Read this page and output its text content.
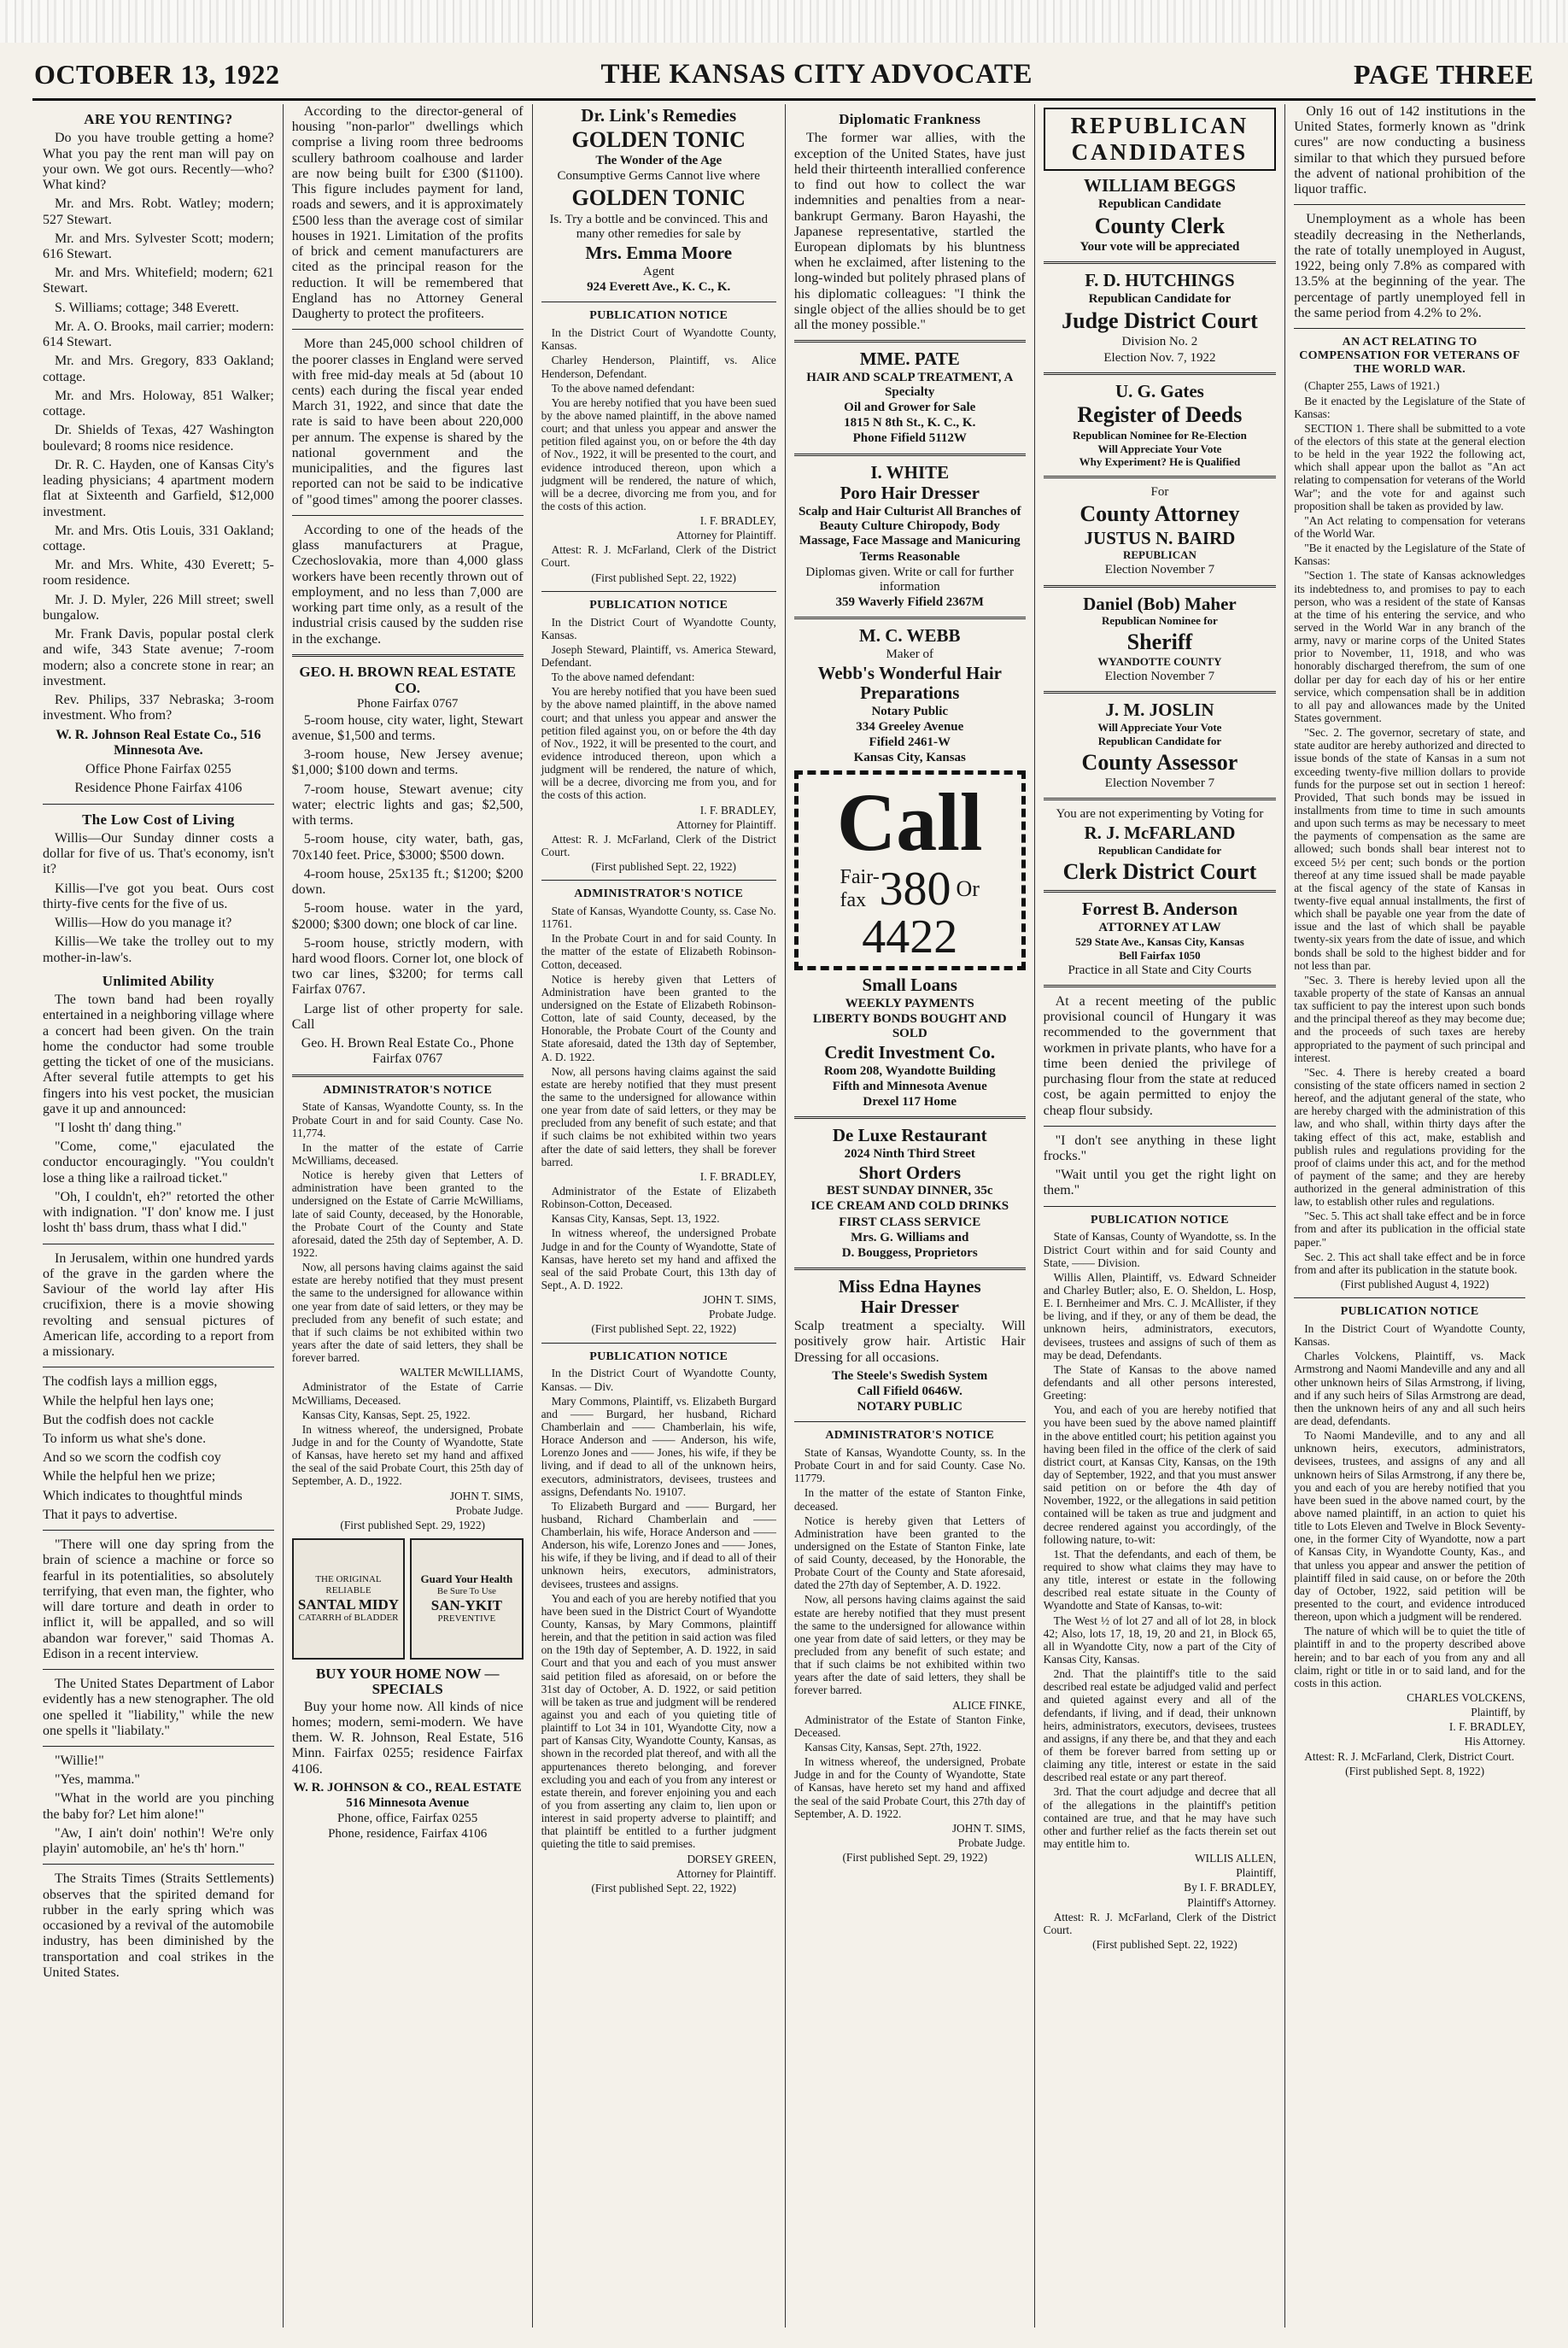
OCTOBER 13, 1922	THE KANSAS CITY ADVOCATE	PAGE THREE
ARE YOU RENTING?

Do you have trouble getting a home? What you pay the rent man will pay on your own. We got ours. Recently—who? What kind?

Mr. and Mrs. Robt. Watley; modern; 527 Stewart.

Mr. and Mrs. Sylvester Scott; modern; 616 Stewart.

Mr. and Mrs. Whitefield; modern; 621 Stewart.

S. Williams; cottage; 348 Everett.

Mr. A. O. Brooks, mail carrier; modern: 614 Stewart.

Mr. and Mrs. Gregory, 833 Oakland; cottage.

Mr. and Mrs. Holoway, 851 Walker; cottage.

Dr. Shields of Texas, 427 Washington boulevard; 8 rooms nice residence.

Dr. R. C. Hayden, one of Kansas City's leading physicians; 4 apartment modern flat at Sixteenth and Garfield, $12,000 investment.

Mr. and Mrs. Otis Louis, 331 Oakland; cottage.

Mr. and Mrs. White, 430 Everett; 5-room residence.

Mr. J. D. Myler, 226 Mill street; swell bungalow.

Mr. Frank Davis, popular postal clerk and wife, 343 State avenue; 7-room modern; also a concrete stone in rear; an investment.

Rev. Philips, 337 Nebraska; 3-room investment. Who from?

W. R. Johnson Real Estate Co., 516 Minnesota Ave.

Office Phone Fairfax 0255

Residence Phone Fairfax 4106

The Low Cost of Living

Willis—Our Sunday dinner costs a dollar for five of us. That's economy, isn't it?

Killis—I've got you beat. Ours cost thirty-five cents for the five of us.

Willis—How do you manage it?

Killis—We take the trolley out to my mother-in-law's.

Unlimited Ability

The town band had been royally entertained in a neighboring village where a concert had been given. On the train home the conductor had some trouble getting the ticket of one of the musicians. After several futile attempts to get his fingers into his vest pocket, the musician gave it up and announced:

"I losht th' dang thing."

"Come, come," ejaculated the conductor encouragingly. "You couldn't lose a thing like a railroad ticket."

"Oh, I couldn't, eh?" retorted the other with indignation. "I' don' know me. I just losht th' bass drum, thass what I did."

In Jerusalem, within one hundred yards of the grave in the garden where the Saviour of the world lay after His crucifixion, there is a movie showing revolting and sensual pictures of American life, according to a report from a missionary.

The codfish lays a million eggs,

While the helpful hen lays one;

But the codfish does not cackle

To inform us what she's done.

And so we scorn the codfish coy

While the helpful hen we prize;

Which indicates to thoughtful minds

That it pays to advertise.

"There will one day spring from the brain of science a machine or force so fearful in its potentialities, so absolutely terrifying, that even man, the fighter, who will dare torture and death in order to inflict it, will be appalled, and so will abandon war forever," said Thomas A. Edison in a recent interview.

The United States Department of Labor evidently has a new stenographer. The old one spelled it "liability," while the new one spells it "liabilaty."

"Willie!"

"Yes, mamma."

"What in the world are you pinching the baby for? Let him alone!"

"Aw, I ain't doin' nothin'! We're only playin' automobile, an' he's th' horn."

The Straits Times (Straits Settlements) observes that the spirited demand for rubber in the early spring which was occasioned by a revival of the automobile industry, has been diminished by the transportation and coal strikes in the United States.

According to the director-general of housing "non-parlor" dwellings which comprise a living room three bedrooms scullery bathroom coalhouse and larder are now being built for £300 ($1100). This figure includes payment for land, roads and sewers, and it is approximately £500 less than the average cost of similar houses in 1921. Limitation of the profits of brick and cement manufacturers are cited as the principal reason for the reduction. It will be remembered that England has no Attorney General Daugherty to protect the profiteers.

More than 245,000 school children of the poorer classes in England were served with free mid-day meals at 5d (about 10 cents) each during the fiscal year ended March 31, 1922, and since that date the rate is said to have been about 220,000 per annum. The expense is shared by the national government and the municipalities, and the figures last reported can not be said to be indicative of "good times" among the poorer classes.

According to one of the heads of the glass manufacturers at Prague, Czechoslovakia, more than 4,000 glass workers have been recently thrown out of employment, and no less than 7,000 are working part time only, as a result of the industrial crisis caused by the sudden rise in the exchange.

GEO. H. BROWN REAL ESTATE CO.
Phone Fairfax 0767

5-room house, city water, light, Stewart avenue, $1,500 and terms.

3-room house, New Jersey avenue; $1,000; $100 down and terms.

7-room house, Stewart avenue; city water; electric lights and gas; $2,500, with terms.

5-room house, city water, bath, gas, 70x140 feet. Price, $3000; $500 down.

4-room house, 25x135 ft.; $1200; $200 down.

5-room house. water in the yard, $2000; $300 down; one block of car line.

5-room house, strictly modern, with hard wood floors. Corner lot, one block of two car lines, $3200; for terms call Fairfax 0767.

Large list of other property for sale. Call

Geo. H. Brown Real Estate Co., Phone Fairfax 0767

ADMINISTRATOR'S NOTICE

State of Kansas, Wyandotte County, ss. In the Probate Court in and for said County. Case No. 11,774.

In the matter of the estate of Carrie McWilliams, deceased.

Notice is hereby given that Letters of administration have been granted to the undersigned on the Estate of Carrie McWilliams, late of said County, deceased, by the Honorable, the Probate Court of the County and State aforesaid, dated the 25th day of September, A. D. 1922.

Now, all persons having claims against the said estate are hereby notified that they must present the same to the undersigned for allowance within one year from date of said letters, or they may be precluded from any benefit of such estate; and that if such claims be not exhibited within two years after the date of said letters, they shall be forever barred.

WALTER McWILLIAMS,

Administrator of the Estate of Carrie McWilliams, Deceased.

Kansas City, Kansas, Sept. 25, 1922.

In witness whereof, the undersigned, Probate Judge in and for the County of Wyandotte, State of Kansas, have hereto set my hand and affixed the seal of the said Probate Court, this 25th day of September, A. D., 1922.

JOHN T. SIMS,

Probate Judge.

(First published Sept. 29, 1922)

THE ORIGINAL RELIABLE
SANTAL MIDY
CATARRH of BLADDER
Guard Your Health
Be Sure To Use
SAN-YKIT
PREVENTIVE
BUY YOUR HOME NOW — SPECIALS

Buy your home now. All kinds of nice homes; modern, semi-modern. We have them. W. R. Johnson, Real Estate, 516 Minn. Fairfax 0255; residence Fairfax 4106.

W. R. JOHNSON & CO., REAL ESTATE
516 Minnesota Avenue
Phone, office, Fairfax 0255
Phone, residence, Fairfax 4106
Dr. Link's Remedies
GOLDEN TONIC
The Wonder of the Age
Consumptive Germs Cannot live where
GOLDEN TONIC
Is. Try a bottle and be convinced. This and many other remedies for sale by
Mrs. Emma Moore
Agent
924 Everett Ave., K. C., K.
PUBLICATION NOTICE

In the District Court of Wyandotte County, Kansas.

Charley Henderson, Plaintiff, vs. Alice Henderson, Defendant.

To the above named defendant:

You are hereby notified that you have been sued by the above named plaintiff, in the above named court; and that unless you appear and answer the petition filed against you, on or before the 4th day of Nov., 1922, it will be presented to the court, and evidence introduced thereon, upon which a judgment will be rendered, the nature of which, will be a decree, divorcing me from you, and for the costs of this action.

I. F. BRADLEY,

Attorney for Plaintiff.

Attest: R. J. McFarland, Clerk of the District Court.

(First published Sept. 22, 1922)

PUBLICATION NOTICE

In the District Court of Wyandotte County, Kansas.

Joseph Steward, Plaintiff, vs. America Steward, Defendant.

To the above named defendant:

You are hereby notified that you have been sued by the above named plaintiff, in the above named court; and that unless you appear and answer the petition filed against you, on or before the 4th day of Nov., 1922, it will be presented to the court, and evidence introduced thereon, upon which a judgment will be rendered, the nature of which, will be a decree, divorcing me from you, and for the costs of this action.

I. F. BRADLEY,

Attorney for Plaintiff.

Attest: R. J. McFarland, Clerk of the District Court.

(First published Sept. 22, 1922)

ADMINISTRATOR'S NOTICE

State of Kansas, Wyandotte County, ss. Case No. 11761.

In the Probate Court in and for said County. In the matter of the estate of Elizabeth Robinson-Cotton, deceased.

Notice is hereby given that Letters of Administration have been granted to the undersigned on the Estate of Elizabeth Robinson-Cotton, late of said County, deceased, by the Honorable, the Probate Court of the County and State aforesaid, dated the 13th day of September, A. D. 1922.

Now, all persons having claims against the said estate are hereby notified that they must present the same to the undersigned for allowance within one year from date of said letters, or they may be precluded from any benefit of such estate; and that if such claims be not exhibited within two years after the date of said letters, they shall be forever barred.

I. F. BRADLEY,

Administrator of the Estate of Elizabeth Robinson-Cotton, Deceased.

Kansas City, Kansas, Sept. 13, 1922.

In witness whereof, the undersigned Probate Judge in and for the County of Wyandotte, State of Kansas, have hereto set my hand and affixed the seal of the said Probate Court, this 13th day of Sept., A. D. 1922.

JOHN T. SIMS,

Probate Judge.

(First published Sept. 22, 1922)

PUBLICATION NOTICE

In the District Court of Wyandotte County, Kansas. — Div.

Mary Commons, Plaintiff, vs. Elizabeth Burgard and —— Burgard, her husband, Richard Chamberlain and —— Chamberlain, his wife, Horace Anderson and —— Anderson, his wife, Lorenzo Jones and —— Jones, his wife, if they be living, and if dead to all of the unknown heirs, executors, administrators, devisees, trustees and assigns, Defendants No. 19107.

To Elizabeth Burgard and —— Burgard, her husband, Richard Chamberlain and —— Chamberlain, his wife, Horace Anderson and —— Anderson, his wife, Lorenzo Jones and —— Jones, his wife, if they be living, and if dead to all of their unknown heirs, executors, administrators, devisees, trustees and assigns.

You and each of you are hereby notified that you have been sued in the District Court of Wyandotte County, Kansas, by Mary Commons, plaintiff herein, and that the petition in said action was filed on the 19th day of September, A. D. 1922, in said Court and that you and each of you must answer said petition filed as aforesaid, on or before the 31st day of October, A. D. 1922, or said petition will be taken as true and judgment will be rendered against you and each of you quieting title of plaintiff to Lot 34 in 101, Wyandotte City, now a part of Kansas City, Wyandotte County, Kansas, as shown in the recorded plat thereof, and with all the appurtenances thereto belonging, and forever excluding you and each of you from any interest or estate therein, and forever enjoining you and each of you from asserting any claim to, lien upon or interest in said property adverse to plaintiff; and that plaintiff be entitled to a further judgment quieting the title to said premises.

DORSEY GREEN,

Attorney for Plaintiff.

(First published Sept. 22, 1922)

Diplomatic Frankness

The former war allies, with the exception of the United States, have just held their thirteenth interallied conference to find out how to collect the war indemnities and penalties from a near-bankrupt Germany. Baron Hayashi, the Japanese representative, startled the European diplomats by his bluntness when he exclaimed, after listening to the long-winded but politely phrased plans of his diplomatic colleagues: "I think the single object of the allies should be to get all the money possible."

MME. PATE
HAIR AND SCALP TREATMENT, A Specialty
Oil and Grower for Sale
1815 N 8th St., K. C., K.
Phone Fifield 5112W
I. WHITE
Poro Hair Dresser
Scalp and Hair Culturist All Branches of Beauty Culture Chiropody, Body Massage, Face Massage and Manicuring
Terms Reasonable
Diplomas given. Write or call for further information
359 Waverly Fifield 2367M
M. C. WEBB
Maker of
Webb's Wonderful Hair Preparations
Notary Public
334 Greeley Avenue
Fifield 2461-W
Kansas City, Kansas
Call
Fair-fax 380 Or
4422
Small Loans
WEEKLY PAYMENTS
LIBERTY BONDS BOUGHT AND SOLD
Credit Investment Co.
Room 208, Wyandotte Building
Fifth and Minnesota Avenue
Drexel 117 Home
De Luxe Restaurant
2024 Ninth Third Street
Short Orders
BEST SUNDAY DINNER, 35c
ICE CREAM AND COLD DRINKS
FIRST CLASS SERVICE
Mrs. G. Williams and
D. Bouggess, Proprietors
Miss Edna Haynes
Hair Dresser

Scalp treatment a specialty. Will positively grow hair. Artistic Hair Dressing for all occasions.

The Steele's Swedish System
Call Fifield 0646W.
NOTARY PUBLIC
ADMINISTRATOR'S NOTICE

State of Kansas, Wyandotte County, ss. In the Probate Court in and for said County. Case No. 11779.

In the matter of the estate of Stanton Finke, deceased.

Notice is hereby given that Letters of Administration have been granted to the undersigned on the Estate of Stanton Finke, late of said County, deceased, by the Honorable, the Probate Court of the County and State aforesaid, dated the 27th day of September, A. D. 1922.

Now, all persons having claims against the said estate are hereby notified that they must present the same to the undersigned for allowance within one year from date of said letters, or they may be precluded from any benefit of such estate; and that if such claims be not exhibited within two years after the date of said letters, they shall be forever barred.

ALICE FINKE,

Administrator of the Estate of Stanton Finke, Deceased.

Kansas City, Kansas, Sept. 27th, 1922.

In witness whereof, the undersigned, Probate Judge in and for the County of Wyandotte, State of Kansas, have hereto set my hand and affixed the seal of the said Probate Court, this 27th day of September, A. D. 1922.

JOHN T. SIMS,

Probate Judge.

(First published Sept. 29, 1922)

REPUBLICAN CANDIDATES
WILLIAM BEGGS
Republican Candidate
County Clerk
Your vote will be appreciated
F. D. HUTCHINGS
Republican Candidate for
Judge District Court
Division No. 2
Election Nov. 7, 1922
U. G. Gates
Register of Deeds
Republican Nominee for Re-Election
Will Appreciate Your Vote
Why Experiment? He is Qualified
For
County Attorney
JUSTUS N. BAIRD
REPUBLICAN
Election November 7
Daniel (Bob) Maher
Republican Nominee for
Sheriff
WYANDOTTE COUNTY
Election November 7
J. M. JOSLIN
Will Appreciate Your Vote
Republican Candidate for
County Assessor
Election November 7
You are not experimenting by Voting for
R. J. McFARLAND
Republican Candidate for
Clerk District Court
Forrest B. Anderson
ATTORNEY AT LAW
529 State Ave., Kansas City, Kansas
Bell Fairfax 1050
Practice in all State and City Courts

At a recent meeting of the public provisional council of Hungary it was recommended to the government that workmen in private plants, who have for a time been denied the privilege of purchasing flour from the state at reduced cost, be again permitted to enjoy the cheap flour subsidy.

"I don't see anything in these light frocks."

"Wait until you get the right light on them."

PUBLICATION NOTICE

State of Kansas, County of Wyandotte, ss. In the District Court within and for said County and State, —— Division.

Willis Allen, Plaintiff, vs. Edward Schneider and Charley Butler; also, E. O. Sheldon, L. Hosp, E. I. Bernheimer and Mrs. C. J. McAllister, if they be living, and if they, or any of them be dead, the unknown heirs, administrators, executors, devisees, trustees and assigns of such of them as may be dead, Defendants.

The State of Kansas to the above named defendants and all other persons interested, Greeting:

You, and each of you are hereby notified that you have been sued by the above named plaintiff in the above entitled court; his petition against you having been filed in the office of the clerk of said district court, at Kansas City, Kansas, on the 19th day of September, 1922, and that you must answer said petition on or before the 4th day of November, 1922, or the allegations in said petition contained will be taken as true and judgment and decree rendered against you accordingly, of the following nature, to-wit:

1st. That the defendants, and each of them, be required to show what claims they may have to any title, interest or estate in the following described real estate situate in the County of Wyandotte and State of Kansas, to-wit:

The West ½ of lot 27 and all of lot 28, in block 42; Also, lots 17, 18, 19, 20 and 21, in Block 65, all in Wyandotte City, now a part of the City of Kansas City, Kansas.

2nd. That the plaintiff's title to the said described real estate be adjudged valid and perfect and quieted against every and all of the defendants, if living, and if dead, their unknown heirs, administrators, executors, devisees, trustees and assigns, if any there be, and that they and each of them be forever barred from setting up or claiming any title, interest or estate in the said described real estate or any part thereof.

3rd. That the court adjudge and decree that all of the allegations in the plaintiff's petition contained are true, and that he may have such other and further relief as the facts therein set out may entitle him to.

WILLIS ALLEN,

Plaintiff,

By I. F. BRADLEY,

Plaintiff's Attorney.

Attest: R. J. McFarland, Clerk of the District Court.

(First published Sept. 22, 1922)

Only 16 out of 142 institutions in the United States, formerly known as "drink cures" are now conducting a business similar to that which they pursued before the advent of national prohibition of the liquor traffic.

Unemployment as a whole has been steadily decreasing in the Netherlands, the rate of totally unemployed in August, 1922, being only 7.8% as compared with 13.5% at the beginning of the year. The percentage of partly unemployed fell in the same period from 4.2% to 2%.

AN ACT RELATING TO COMPENSATION FOR VETERANS OF THE WORLD WAR.

(Chapter 255, Laws of 1921.)

Be it enacted by the Legislature of the State of Kansas:

SECTION 1. There shall be submitted to a vote of the electors of this state at the general election to be held in the year 1922 the following act, which shall appear upon the ballot as "An act relating to compensation for veterans of the World War"; and the vote for and against such proposition shall be taken as provided by law.

"An Act relating to compensation for veterans of the World War.

"Be it enacted by the Legislature of the State of Kansas:

"Section 1. The state of Kansas acknowledges its indebtedness to, and promises to pay to each person, who was a resident of the state of Kansas at the time of his entering the service, and who served in the World War in any branch of the army, navy or marine corps of the United States prior to November, 11, 1918, and who was honorably discharged therefrom, the sum of one dollar per day for each day of his or her entire service, which compensation shall be in addition to all pay and allowances made by the United States government.

"Sec. 2. The governor, secretary of state, and state auditor are hereby authorized and directed to issue bonds of the state of Kansas in a sum not exceeding twenty-five million dollars to provide funds for the purpose set out in section 1 hereof: Provided, That such bonds may be issued in installments from time to time in such amounts and upon such terms as may be necessary to meet the payments of compensation as the same are allowed; such bonds shall bear interest not to exceed 5½ per cent; such bonds or the portion thereof at any time issued shall be made payable at the fiscal agency of the state of Kansas in twenty-five equal annual installments, the first of which shall be payable one year from the date of issue and the last of which shall be payable twenty-six years from the date of issue, and which bonds shall be sold to the highest bidder and for not less than par.

"Sec. 3. There is hereby levied upon all the taxable property of the state of Kansas an annual tax sufficient to pay the interest upon such bonds and the principal thereof as they may become due; and the proceeds of such taxes are hereby appropriated to the payment of such principal and interest.

"Sec. 4. There is hereby created a board consisting of the state officers named in section 2 hereof, and the adjutant general of the state, who are hereby charged with the administration of this law, and who shall, within thirty days after the taking effect of this act, make, establish and publish rules and regulations providing for the proof of claims under this act, and for the method of payment of the same; and they are hereby authorized in the general administration of this law, to establish other rules and regulations.

"Sec. 5. This act shall take effect and be in force from and after its publication in the official state paper."

Sec. 2. This act shall take effect and be in force from and after its publication in the statute book.

(First published August 4, 1922)

PUBLICATION NOTICE

In the District Court of Wyandotte County, Kansas.

Charles Volckens, Plaintiff, vs. Mack Armstrong and Naomi Mandeville and any and all other unknown heirs of Silas Armstrong, if living, and if any such heirs of Silas Armstrong are dead, then the unknown heirs of any and all such heirs are dead, defendants.

To Naomi Mandeville, and to any and all unknown heirs, executors, administrators, devisees, trustees, and assigns of any and all unknown heirs of Silas Armstrong, if any there be, you and each of you are hereby notified that you have been sued in the above named court, by the above named plaintiff, in an action to quiet his title to Lots Eleven and Twelve in Block Seventy-one, in the former City of Wyandotte, now a part of Kansas City, in Wyandotte County, Kas., and that unless you appear and answer the petition of plaintiff filed in said cause, on or before the 20th day of October, 1922, said petition will be presented to the court, and evidence introduced thereon, upon which a judgment will be rendered.

The nature of which will be to quiet the title of plaintiff in and to the property described above herein; and to bar each of you from any and all claim, right or title in or to said land, and for the costs in this action.

CHARLES VOLCKENS,

Plaintiff, by

I. F. BRADLEY,

His Attorney.

Attest: R. J. McFarland, Clerk, District Court.

(First published Sept. 8, 1922)
